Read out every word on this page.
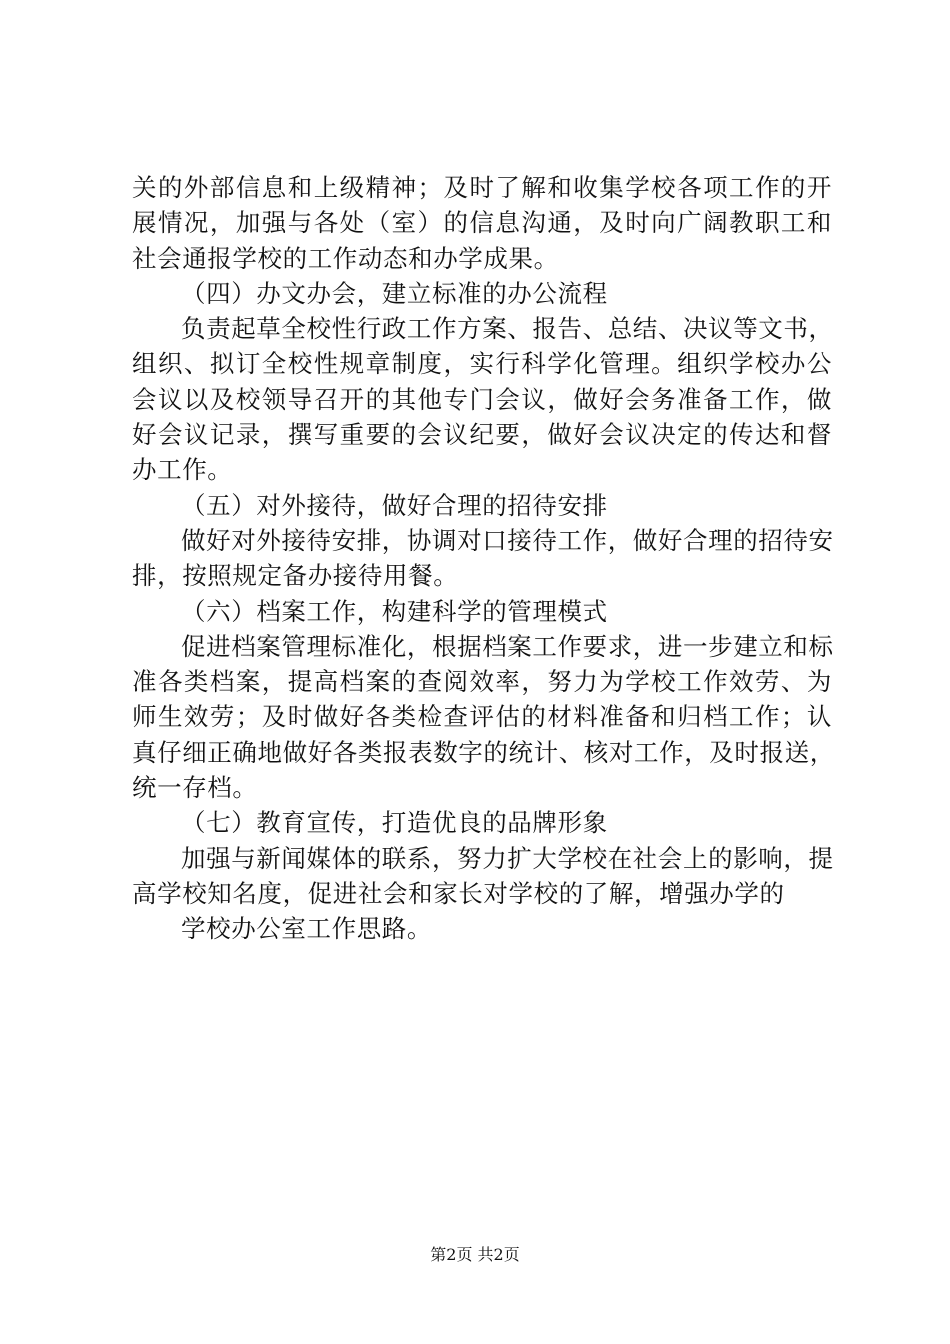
关的外部信息和上级精神；及时了解和收集学校各项工作的开
展情况，加强与各处（室）的信息沟通，及时向广阔教职工和
社会通报学校的工作动态和办学成果。
（四）办文办会，建立标准的办公流程
负责起草全校性行政工作方案、报告、总结、决议等文书，
组织、拟订全校性规章制度，实行科学化管理。组织学校办公
会议以及校领导召开的其他专门会议，做好会务准备工作，做
好会议记录，撰写重要的会议纪要，做好会议决定的传达和督
办工作。
（五）对外接待，做好合理的招待安排
做好对外接待安排，协调对口接待工作，做好合理的招待安
排，按照规定备办接待用餐。
（六）档案工作，构建科学的管理模式
促进档案管理标准化，根据档案工作要求，进一步建立和标
准各类档案，提高档案的查阅效率，努力为学校工作效劳、为
师生效劳；及时做好各类检查评估的材料准备和归档工作；认
真仔细正确地做好各类报表数字的统计、核对工作，及时报送，
统一存档。
（七）教育宣传，打造优良的品牌形象
加强与新闻媒体的联系，努力扩大学校在社会上的影响，提
高学校知名度，促进社会和家长对学校的了解，增强办学的
学校办公室工作思路。
第2页 共2页
